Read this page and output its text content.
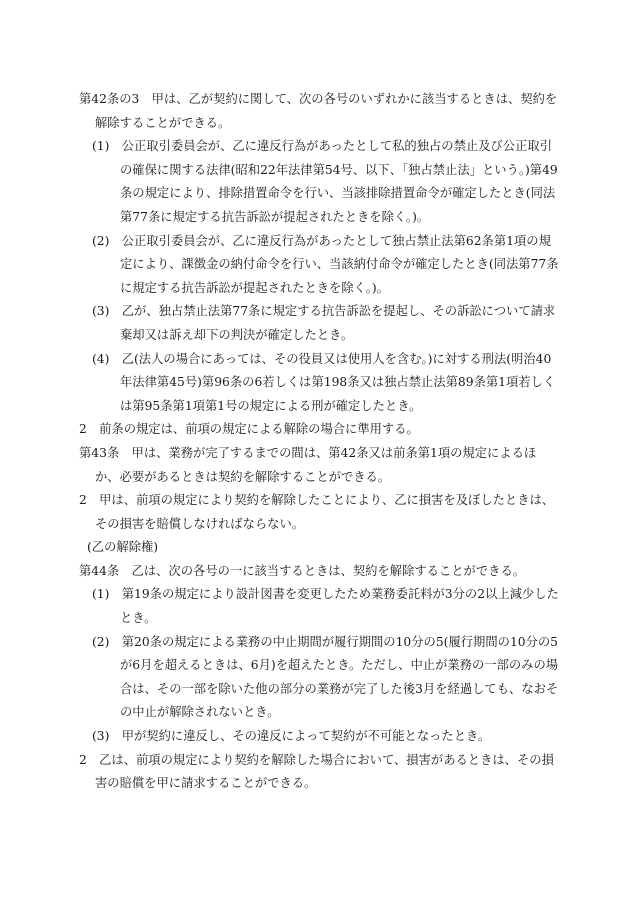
第42条の3　甲は、乙が契約に関して、次の各号のいずれかに該当するときは、契約を解除することができる。

(1)　公正取引委員会が、乙に違反行為があったとして私的独占の禁止及び公正取引の確保に関する法律(昭和22年法律第54号、以下、「独占禁止法」という。)第49条の規定により、排除措置命令を行い、当該排除措置命令が確定したとき(同法第77条に規定する抗告訴訟が提起されたときを除く。)。

(2)　公正取引委員会が、乙に違反行為があったとして独占禁止法第62条第1項の規定により、課徴金の納付命令を行い、当該納付命令が確定したとき(同法第77条に規定する抗告訴訟が提起されたときを除く。)。

(3)　乙が、独占禁止法第77条に規定する抗告訴訟を提起し、その訴訟について請求棄却又は訴え却下の判決が確定したとき。

(4)　乙(法人の場合にあっては、その役員又は使用人を含む。)に対する刑法(明治40年法律第45号)第96条の6若しくは第198条又は独占禁止法第89条第1項若しくは第95条第1項第1号の規定による刑が確定したとき。

2　前条の規定は、前項の規定による解除の場合に準用する。

第43条　甲は、業務が完了するまでの間は、第42条又は前条第1項の規定によるほか、必要があるときは契約を解除することができる。

2　甲は、前項の規定により契約を解除したことにより、乙に損害を及ぼしたときは、その損害を賠償しなければならない。

(乙の解除権)

第44条　乙は、次の各号の一に該当するときは、契約を解除することができる。

(1)　第19条の規定により設計図書を変更したため業務委託料が3分の2以上減少したとき。

(2)　第20条の規定による業務の中止期間が履行期間の10分の5(履行期間の10分の5が6月を超えるときは、6月)を超えたとき。ただし、中止が業務の一部のみの場合は、その一部を除いた他の部分の業務が完了した後3月を経過しても、なおその中止が解除されないとき。

(3)　甲が契約に違反し、その違反によって契約が不可能となったとき。

2　乙は、前項の規定により契約を解除した場合において、損害があるときは、その損害の賠償を甲に請求することができる。
